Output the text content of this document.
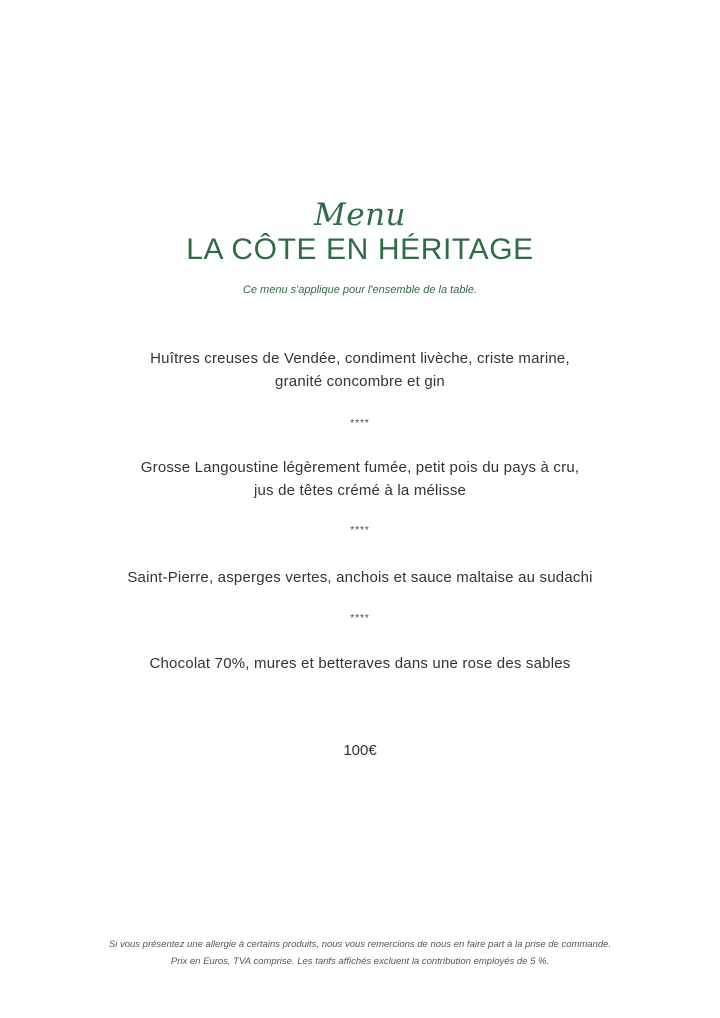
Menu
LA CÔTE EN HÉRITAGE
Ce menu s'applique pour l'ensemble de la table.
Huîtres creuses de Vendée, condiment livèche, criste marine,
granité concombre et gin
****
Grosse Langoustine légèrement fumée, petit pois du pays à cru,
jus de têtes crémé à la mélisse
****
Saint-Pierre, asperges vertes, anchois et sauce maltaise au sudachi
****
Chocolat 70%, mures et betteraves dans une rose des sables
100€
Si vous présentez une allergie à certains produits, nous vous remercions de nous en faire part à la prise de commande.
Prix en Euros, TVA comprise. Les tarifs affichés excluent la contribution employés de 5 %.
